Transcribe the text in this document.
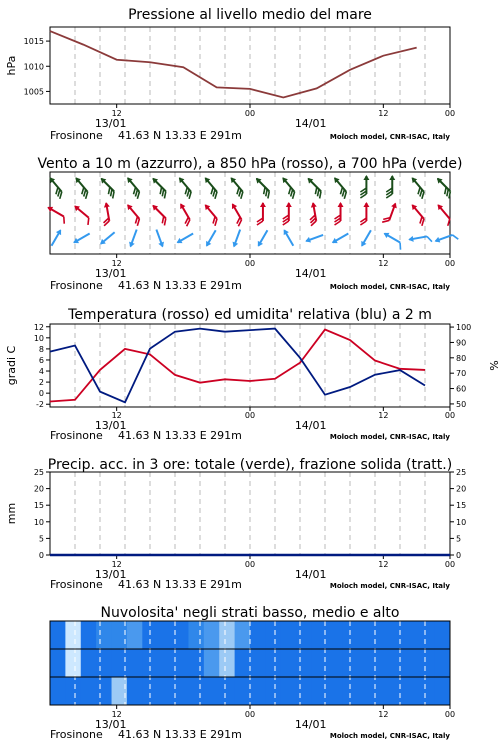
12	00	12	00
13/01	14/01
Frosinone 41.63 N 13.33 E 291m	Moloch model, CNR-ISAC, Italy
Pressione al livello medio del mare
1005
1010
1015
hPa
12	00	12	00
13/01	14/01
Frosinone 41.63 N 13.33 E 291m	Moloch model, CNR-ISAC, Italy
Vento a 10 m (azzurro), a 850 hPa (rosso), a 700 hPa (verde)
12	00	12	00
13/01	14/01
Frosinone 41.63 N 13.33 E 291m	Moloch model, CNR-ISAC, Italy
Temperatura (rosso) ed umidita' relativa (blu) a 2 m
-2
0
2
4
6
8
10
12
50
60
70
80
90
100
gradi C	%
12	00	12	00
13/01	14/01
Frosinone 41.63 N 13.33 E 291m	Moloch model, CNR-ISAC, Italy
Precip. acc. in 3 ore: totale (verde), frazione solida (tratt.)
0	0
5	5
10	10
15	15
20	20
25	25
mm
12	00	12	00
13/01	14/01
Frosinone 41.63 N 13.33 E 291m	Moloch model, CNR-ISAC, Italy
Nuvolosita' negli strati basso, medio e alto
